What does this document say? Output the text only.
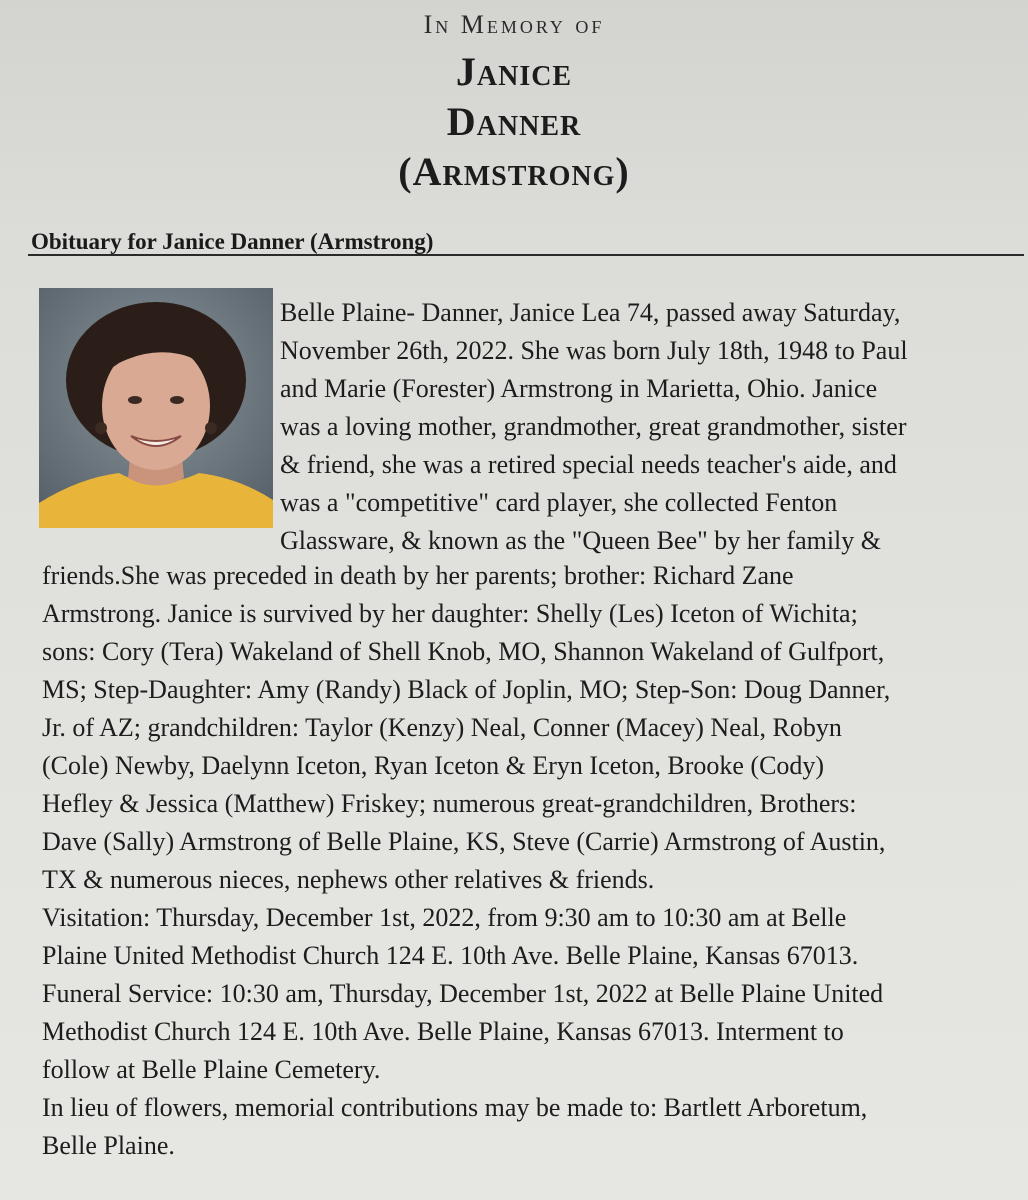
In Memory of
Janice
Danner
(Armstrong)
Obituary for Janice Danner (Armstrong)
Belle Plaine- Danner, Janice Lea 74, passed away Saturday,
November 26th, 2022. She was born July 18th, 1948 to Paul
and Marie (Forester) Armstrong in Marietta, Ohio. Janice
was a loving mother, grandmother, great grandmother, sister
& friend, she was a retired special needs teacher's aide, and
was a "competitive" card player, she collected Fenton
Glassware, & known as the "Queen Bee" by her family &
friends.She was preceded in death by her parents; brother: Richard Zane
Armstrong. Janice is survived by her daughter: Shelly (Les) Iceton of Wichita;
sons: Cory (Tera) Wakeland of Shell Knob, MO, Shannon Wakeland of Gulfport,
MS; Step-Daughter: Amy (Randy) Black of Joplin, MO; Step-Son: Doug Danner,
Jr. of AZ; grandchildren: Taylor (Kenzy) Neal, Conner (Macey) Neal, Robyn
(Cole) Newby, Daelynn Iceton, Ryan Iceton & Eryn Iceton, Brooke (Cody)
Hefley & Jessica (Matthew) Friskey; numerous great-grandchildren, Brothers:
Dave (Sally) Armstrong of Belle Plaine, KS, Steve (Carrie) Armstrong of Austin,
TX & numerous nieces, nephews other relatives & friends.
Visitation: Thursday, December 1st, 2022, from 9:30 am to 10:30 am at Belle
Plaine United Methodist Church 124 E. 10th Ave. Belle Plaine, Kansas 67013.
Funeral Service: 10:30 am, Thursday, December 1st, 2022 at Belle Plaine United
Methodist Church 124 E. 10th Ave. Belle Plaine, Kansas 67013. Interment to
follow at Belle Plaine Cemetery.
In lieu of flowers, memorial contributions may be made to: Bartlett Arboretum,
Belle Plaine.
